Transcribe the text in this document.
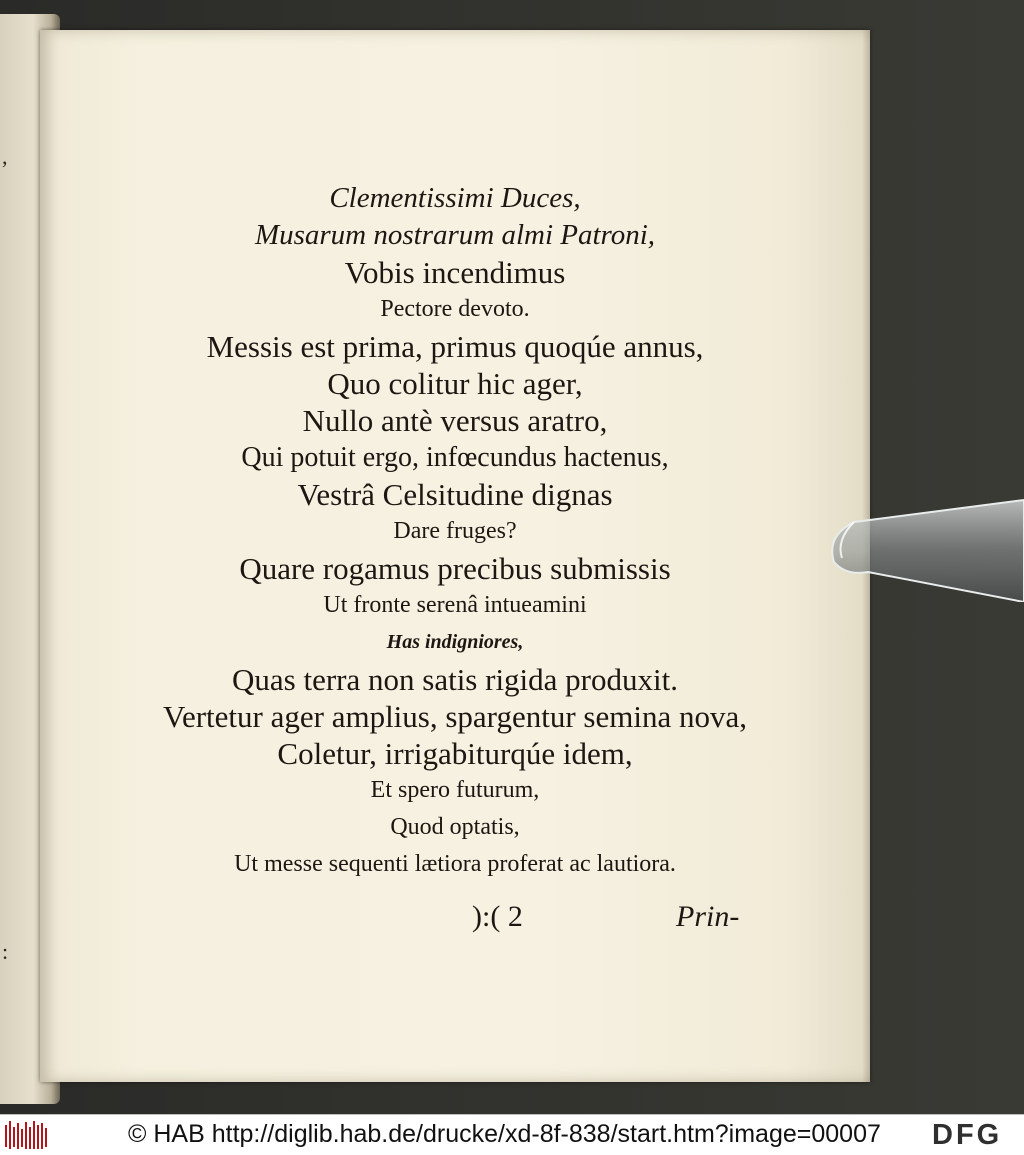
,
:
Clementissimi Duces,
Musarum nostrarum almi Patroni,
Vobis incendimus
Pectore devoto.
Messis est prima, primus quoqúe annus,
Quo colitur hic ager,
Nullo antè versus aratro,
Qui potuit ergo, infœcundus hactenus,
Vestrâ Celsitudine dignas
Dare fruges?
Quare rogamus precibus submissis
Ut fronte serenâ intueamini
Has indigniores,
Quas terra non satis rigida produxit.
Vertetur ager amplius, spargentur semina nova,
Coletur, irrigabiturqúe idem,
Et spero futurum,
Quod optatis,
Ut messe sequenti lætiora proferat ac lautiora.
):( 2	Prin-
© HAB http://diglib.hab.de/drucke/xd-8f-838/start.htm?image=00007 DFG
